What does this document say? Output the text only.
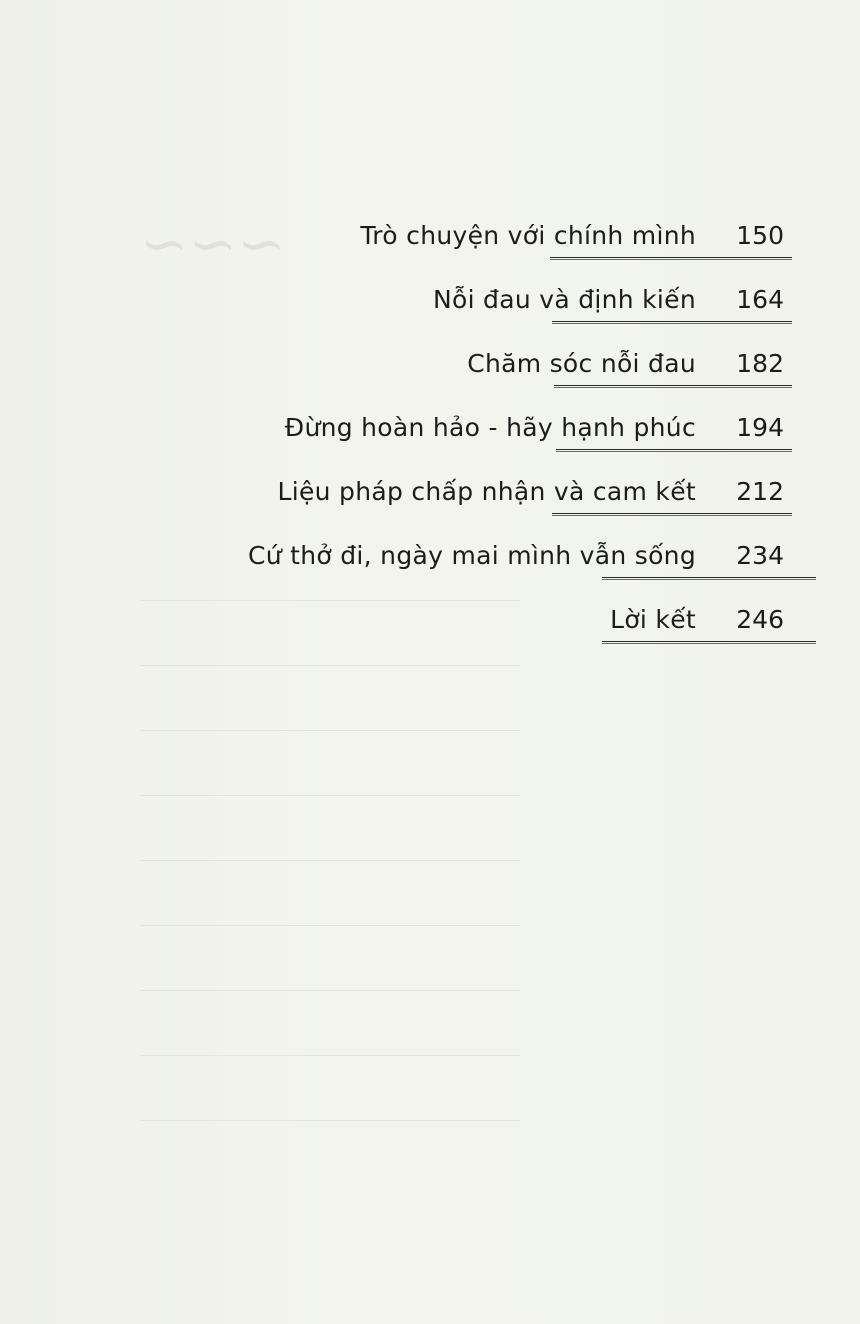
~~~	Trò chuyện với chính mình	150
Nỗi đau và định kiến	164
Chăm sóc nỗi đau	182
Đừng hoàn hảo - hãy hạnh phúc	194
Liệu pháp chấp nhận và cam kết	212
Cứ thở đi, ngày mai mình vẫn sống	234
Lời kết	246
